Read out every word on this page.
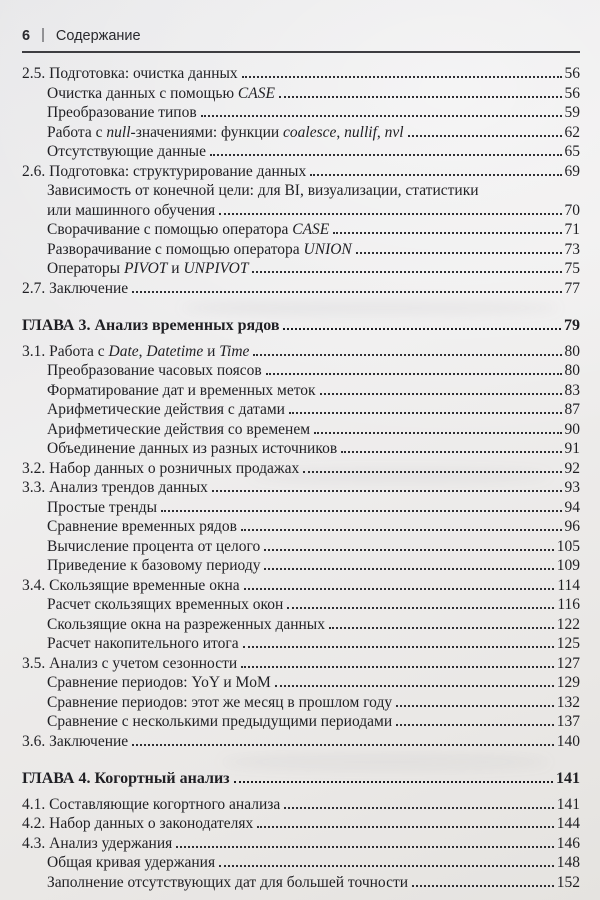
6 | Содержание
2.5. Подготовка: очистка данных	56
Очистка данных с помощью CASE	56
Преобразование типов	59
Работа с null-значениями: функции coalesce, nullif, nvl	62
Отсутствующие данные	65
2.6. Подготовка: структурирование данных	69
Зависимость от конечной цели: для BI, визуализации, статистики
или машинного обучения	70
Сворачивание с помощью оператора CASE	71
Разворачивание с помощью оператора UNION	73
Операторы PIVOT и UNPIVOT	75
2.7. Заключение	77
ГЛАВА 3. Анализ временных рядов	79
3.1. Работа с Date, Datetime и Time	80
Преобразование часовых поясов	80
Форматирование дат и временных меток	83
Арифметические действия с датами	87
Арифметические действия со временем	90
Объединение данных из разных источников	91
3.2. Набор данных о розничных продажах	92
3.3. Анализ трендов данных	93
Простые тренды	94
Сравнение временных рядов	96
Вычисление процента от целого	105
Приведение к базовому периоду	109
3.4. Скользящие временные окна	114
Расчет скользящих временных окон	116
Скользящие окна на разреженных данных	122
Расчет накопительного итога	125
3.5. Анализ с учетом сезонности	127
Сравнение периодов: YoY и MoM	129
Сравнение периодов: этот же месяц в прошлом году	132
Сравнение с несколькими предыдущими периодами	137
3.6. Заключение	140
ГЛАВА 4. Когортный анализ	141
4.1. Составляющие когортного анализа	141
4.2. Набор данных о законодателях	144
4.3. Анализ удержания	146
Общая кривая удержания	148
Заполнение отсутствующих дат для большей точности	152
